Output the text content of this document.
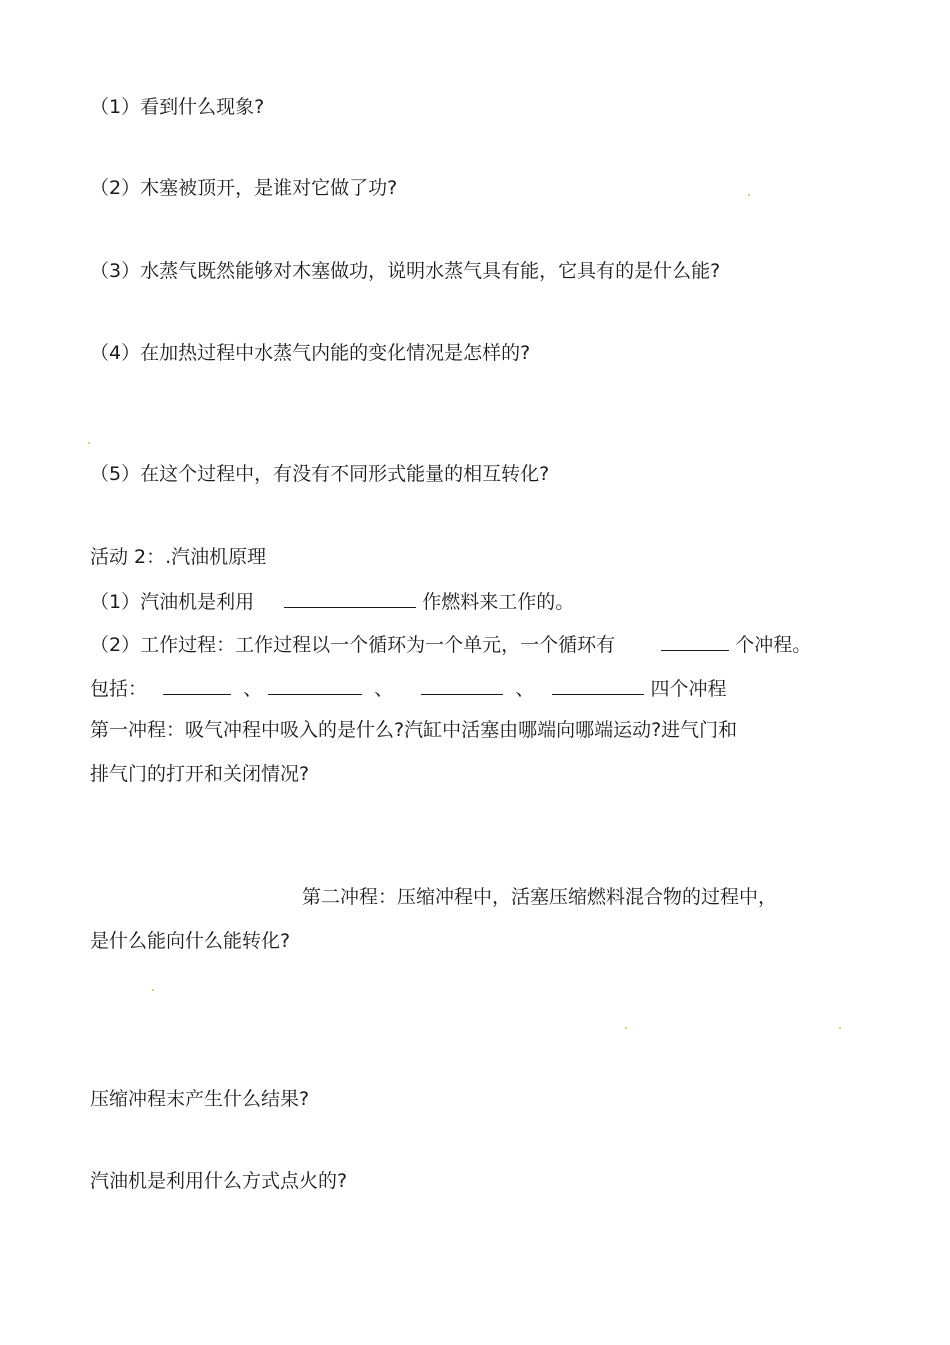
（1）看到什么现象?
（2）木塞被顶开，是谁对它做了功?
（3）水蒸气既然能够对木塞做功，说明水蒸气具有能，它具有的是什么能?
（4）在加热过程中水蒸气内能的变化情况是怎样的?
（5）在这个过程中，有没有不同形式能量的相互转化?
活动 2：.汽油机原理
（1）汽油机是利用	作燃料来工作的。
（2）工作过程：工作过程以一个循环为一个单元，一个循环有	个冲程。
包括：	、	、	、	四个冲程
第一冲程：吸气冲程中吸入的是什么?汽缸中活塞由哪端向哪端运动?进气门和
排气门的打开和关闭情况?
第二冲程：压缩冲程中，活塞压缩燃料混合物的过程中，
是什么能向什么能转化?
压缩冲程末产生什么结果?
汽油机是利用什么方式点火的?
